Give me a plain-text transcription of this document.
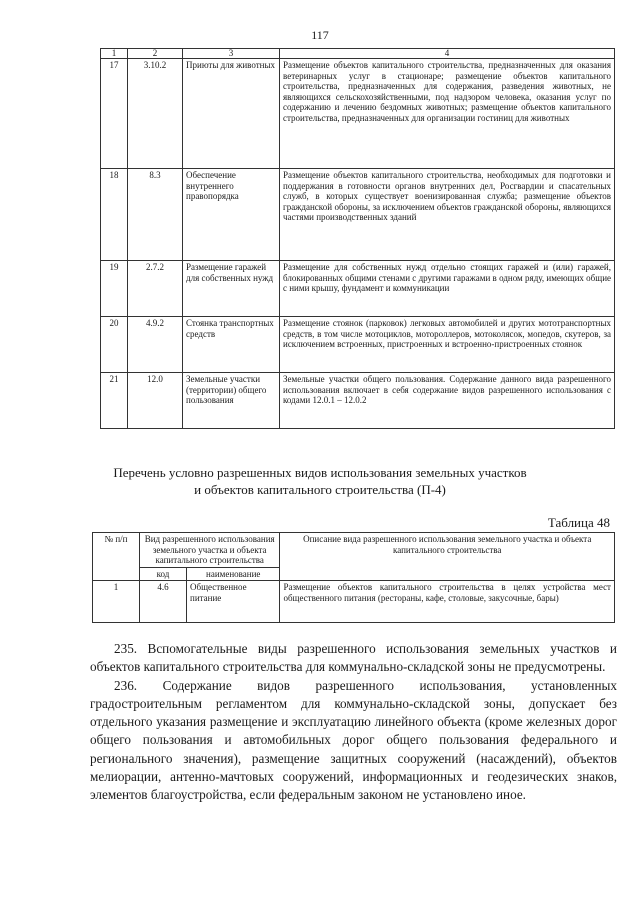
117
1	2	3	4
17	3.10.2	Приюты для животных	Размещение объектов капитального строительства, предназначенных для оказания ветеринарных услуг в стационаре; размещение объектов капитального строительства, предназначенных для содержания, разведения животных, не являющихся сельскохозяйственными, под надзором человека, оказания услуг по содержанию и лечению бездомных животных; размещение объектов капитального строительства, предназначенных для организации гостиниц для животных
18	8.3	Обеспечение внутреннего правопорядка	Размещение объектов капитального строительства, необходимых для подготовки и поддержания в готовности органов внутренних дел, Росгвардии и спасательных служб, в которых существует военизированная служба; размещение объектов гражданской обороны, за исключением объектов гражданской обороны, являющихся частями производственных зданий
19	2.7.2	Размещение гаражей для собственных нужд	Размещение для собственных нужд отдельно стоящих гаражей и (или) гаражей, блокированных общими стенами с другими гаражами в одном ряду, имеющих общие с ними крышу, фундамент и коммуникации
20	4.9.2	Стоянка транспортных средств	Размещение стоянок (парковок) легковых автомобилей и других мототранспортных средств, в том числе мотоциклов, мотороллеров, мотоколясок, мопедов, скутеров, за исключением встроенных, пристроенных и встроенно-пристроенных стоянок
21	12.0	Земельные участки (территории) общего пользования	Земельные участки общего пользования. Содержание данного вида разрешенного использования включает в себя содержание видов разрешенного использования с кодами 12.0.1 – 12.0.2
Перечень условно разрешенных видов использования земельных участков
и объектов капитального строительства (П-4)
Таблица 48
№ п/п	Вид разрешенного использования земельного участка и объекта капитального строительства		Описание вида разрешенного использования земельного участка и объекта капитального строительства
	код	наименование	
1	4.6	Общественное питание	Размещение объектов капитального строительства в целях устройства мест общественного питания (рестораны, кафе, столовые, закусочные, бары)

235. Вспомогательные виды разрешенного использования земельных участков и объектов капитального строительства для коммунально-складской зоны не предусмотрены.

236. Содержание видов разрешенного использования, установленных градостроительным регламентом для коммунально-складской зоны, допускает без отдельного указания размещение и эксплуатацию линейного объекта (кроме железных дорог общего пользования и автомобильных дорог общего пользования федерального и регионального значения), размещение защитных сооружений (насаждений), объектов мелиорации, антенно-мачтовых сооружений, информационных и геодезических знаков, элементов благоустройства, если федеральным законом не установлено иное.
